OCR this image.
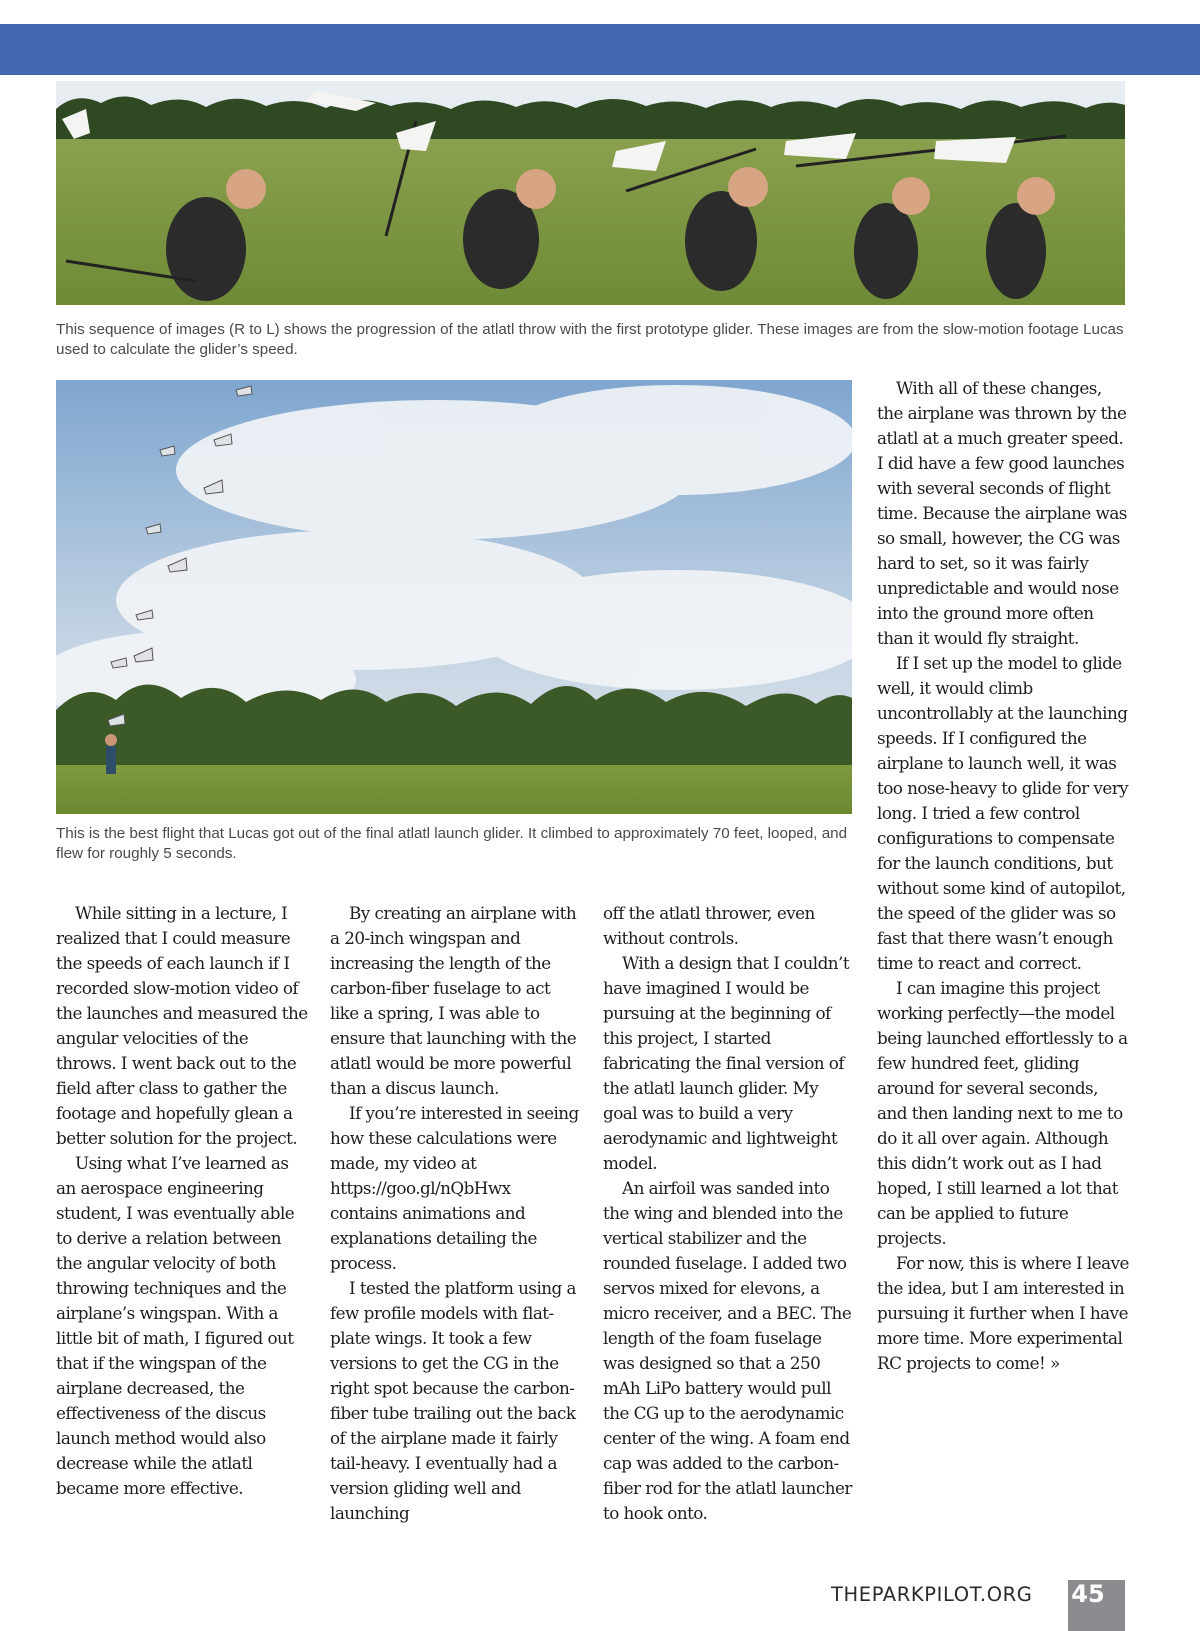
This sequence of images (R to L) shows the progression of the atlatl throw with the first prototype glider. These images are from the slow-motion footage Lucas used to calculate the glider’s speed.

This is the best flight that Lucas got out of the final atlatl launch glider. It climbed to approximately 70 feet, looped, and flew for roughly 5 seconds.

While sitting in a lecture, I realized that I could measure the speeds of each launch if I recorded slow-motion video of the launches and measured the angular velocities of the throws. I went back out to the field after class to gather the footage and hopefully glean a better solution for the project.

Using what I’ve learned as an aerospace engineering student, I was eventually able to derive a relation between the angular velocity of both throwing techniques and the airplane’s wingspan. With a little bit of math, I figured out that if the wingspan of the airplane decreased, the effectiveness of the discus launch method would also decrease while the atlatl became more effective.

By creating an airplane with a 20-inch wingspan and increasing the length of the carbon-fiber fuselage to act like a spring, I was able to ensure that launching with the atlatl would be more powerful than a discus launch.

If you’re interested in seeing how these calculations were made, my video at https://goo.gl/nQbHwx contains animations and explanations detailing the process.

I tested the platform using a few profile models with flat-plate wings. It took a few versions to get the CG in the right spot because the carbon-fiber tube trailing out the back of the airplane made it fairly tail-heavy. I eventually had a version gliding well and launching

off the atlatl thrower, even without controls.

With a design that I couldn’t have imagined I would be pursuing at the beginning of this project, I started fabricating the final version of the atlatl launch glider. My goal was to build a very aerodynamic and lightweight model.

An airfoil was sanded into the wing and blended into the vertical stabilizer and the rounded fuselage. I added two servos mixed for elevons, a micro receiver, and a BEC. The length of the foam fuselage was designed so that a 250 mAh LiPo battery would pull the CG up to the aerodynamic center of the wing. A foam end cap was added to the carbon-fiber rod for the atlatl launcher to hook onto.

With all of these changes, the airplane was thrown by the atlatl at a much greater speed. I did have a few good launches with several seconds of flight time. Because the airplane was so small, however, the CG was hard to set, so it was fairly unpredictable and would nose into the ground more often than it would fly straight.

If I set up the model to glide well, it would climb uncontrollably at the launching speeds. If I configured the airplane to launch well, it was too nose-heavy to glide for very long. I tried a few control configurations to compensate for the launch conditions, but without some kind of autopilot, the speed of the glider was so fast that there wasn’t enough time to react and correct.

I can imagine this project working perfectly—the model being launched effortlessly to a few hundred feet, gliding around for several seconds, and then landing next to me to do it all over again. Although this didn’t work out as I had hoped, I still learned a lot that can be applied to future projects.

For now, this is where I leave the idea, but I am interested in pursuing it further when I have more time. More experimental RC projects to come! »

THEPARKPILOT.ORG 45
